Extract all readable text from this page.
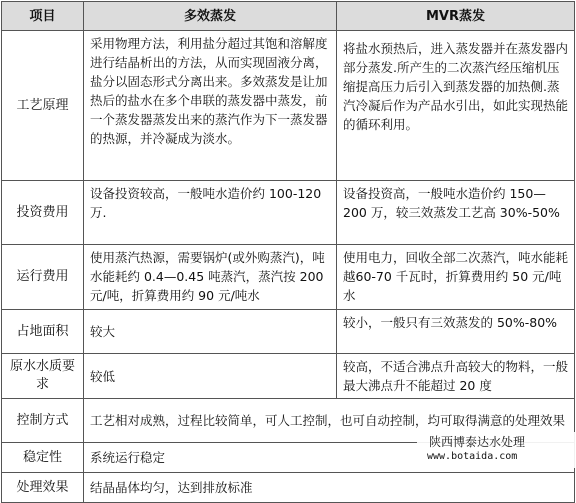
项目	多效蒸发	MVR蒸发
工艺原理	采用物理方法，利用盐分超过其饱和溶解度进行结晶析出的方法，从而实现固液分离，盐分以固态形式分离出来。多效蒸发是让加热后的盐水在多个串联的蒸发器中蒸发，前一个蒸发器蒸发出来的蒸汽作为下一蒸发器的热源，并冷凝成为淡水。	将盐水预热后，进入蒸发器并在蒸发器内部分蒸发.所产生的二次蒸汽经压缩机压缩提高压力后引入到蒸发器的加热侧.蒸汽冷凝后作为产品水引出，如此实现热能的循环利用。
投资费用	设备投资较高，一般吨水造价约 100-120 万.	设备投资高，一般吨水造价约 150—200 万，较三效蒸发工艺高 30%-50%
运行费用	使用蒸汽热源，需要锅炉(或外购蒸汽)，吨水能耗约 0.4—0.45 吨蒸汽，蒸汽按 200 元/吨，折算费用约 90 元/吨水	使用电力，回收全部二次蒸汽，吨水能耗越60-70 千瓦时，折算费用约 50 元/吨水
占地面积	较大	较小，一般只有三效蒸发的 50%-80%
原水水质要求	较低	较高，不适合沸点升高较大的物料，一般最大沸点升不能超过 20 度
控制方式	工艺相对成熟，过程比较简单，可人工控制，也可自动控制，均可取得满意的处理效果	
稳定性	系统运行稳定	
处理效果	结晶晶体均匀，达到排放标准	
陕西博泰达水处理
www.botaida.com
